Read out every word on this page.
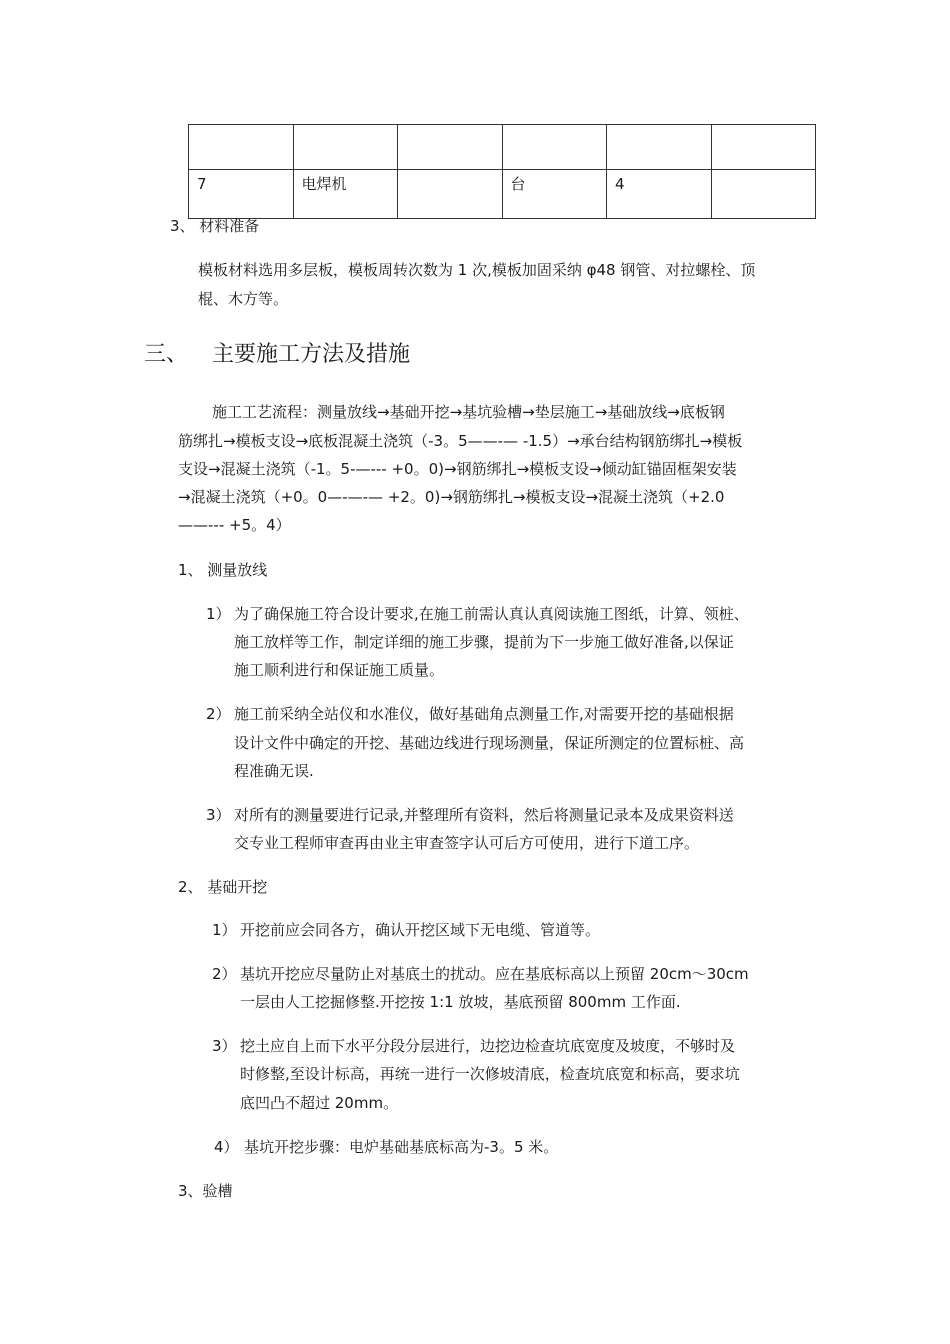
7	电焊机		台	4	
3、 材料准备
模板材料选用多层板，模板周转次数为 1 次,模板加固采纳 φ48 钢管、对拉螺栓、顶
棍、木方等。
三、 主要施工方法及措施
施工工艺流程：测量放线→基础开挖→基坑验槽→垫层施工→基础放线→底板钢
筋绑扎→模板支设→底板混凝土浇筑（-3。5——-— -1.5）→承台结构钢筋绑扎→模板
支设→混凝土浇筑（-1。5-—--- +0。0)→钢筋绑扎→模板支设→倾动缸锚固框架安装
→混凝土浇筑（+0。0—-—-— +2。0)→钢筋绑扎→模板支设→混凝土浇筑（+2.0
——--- +5。4）
1、 测量放线
1） 为了确保施工符合设计要求,在施工前需认真认真阅读施工图纸，计算、领桩、
施工放样等工作，制定详细的施工步骤，提前为下一步施工做好准备,以保证
施工顺利进行和保证施工质量。
2） 施工前采纳全站仪和水准仪，做好基础角点测量工作,对需要开挖的基础根据
设计文件中确定的开挖、基础边线进行现场测量，保证所测定的位置标桩、高
程准确无误.
3） 对所有的测量要进行记录,并整理所有资料，然后将测量记录本及成果资料送
交专业工程师审查再由业主审查签字认可后方可使用，进行下道工序。
2、 基础开挖
1） 开挖前应会同各方，确认开挖区域下无电缆、管道等。
2） 基坑开挖应尽量防止对基底土的扰动。应在基底标高以上预留 20cm～30cm
一层由人工挖掘修整.开挖按 1:1 放坡，基底预留 800mm 工作面.
3） 挖土应自上而下水平分段分层进行，边挖边检查坑底宽度及坡度，不够时及
时修整,至设计标高，再统一进行一次修坡清底，检查坑底宽和标高，要求坑
底凹凸不超过 20mm。
4） 基坑开挖步骤：电炉基础基底标高为-3。5 米。
3、验槽
